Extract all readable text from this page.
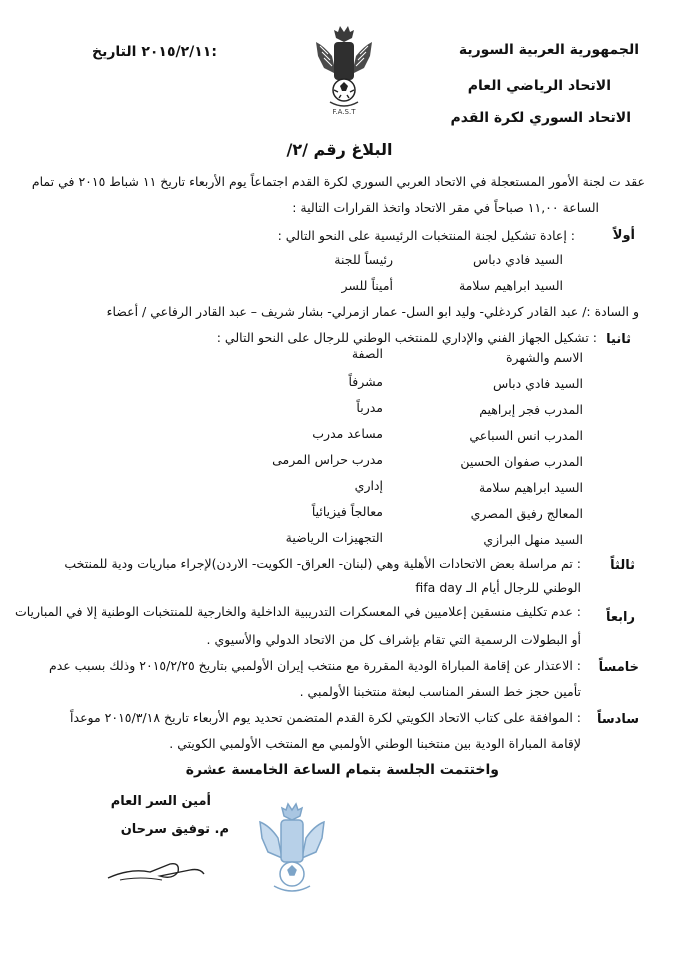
الجمهورية العربية السورية
الاتحاد الرياضي العام
الاتحاد السوري لكرة القدم
٢٠١٥/٢/١١ التاريخ:
F.A.S.T
البلاغ رقم /٢/
عقد ت لجنة الأمور المستعجلة في الاتحاد العربي السوري لكرة القدم اجتماعاً يوم الأربعاء تاريخ ١١ شباط ٢٠١٥ في تمام
الساعة ١١,٠٠ صباحاً في مقر الاتحاد واتخذ القرارات التالية :
أولاً
: إعادة تشكيل لجنة المنتخبات الرئيسية على النحو التالي :
السيد فادي دباس
رئيساً للجنة
السيد ابراهيم سلامة
أميناً للسر
و السادة :/ عبد القادر كردغلي- وليد ابو السل- عمار ازمرلي- بشار شريف – عبد القادر الرفاعي / أعضاء
ثانيا
: تشكيل الجهاز الفني والإداري للمنتخب الوطني للرجال على النحو التالي :
الاسم والشهرة
الصفة
السيد فادي دباس
مشرفاً
المدرب فجر إبراهيم
مدرباً
المدرب انس السباعي
مساعد مدرب
المدرب صفوان الحسين
مدرب حراس المرمى
السيد ابراهيم سلامة
إداري
المعالج رفيق المصري
معالجاً فيزيائياً
السيد منهل البرازي
التجهيزات الرياضية
ثالثاً
: تم مراسلة بعض الاتحادات الأهلية وهي (لبنان- العراق- الكويت- الاردن)لإجراء مباريات ودية للمنتخب
الوطني للرجال أيام الـ fifa day
رابعاً
: عدم تكليف منسقين إعلاميين في المعسكرات التدريبية الداخلية والخارجية للمنتخبات الوطنية إلا في المباريات
أو البطولات الرسمية التي تقام بإشراف كل من الاتحاد الدولي والأسيوي .
خامساً
: الاعتذار عن إقامة المباراة الودية المقررة مع منتخب إيران الأولمبي بتاريخ ٢٠١٥/٢/٢٥ وذلك بسبب عدم
تأمين حجز خط السفر المناسب لبعثة منتخبنا الأولمبي .
سادساً
: الموافقة على كتاب الاتحاد الكويتي لكرة القدم المتضمن تحديد يوم الأربعاء تاريخ ٢٠١٥/٣/١٨ موعداً
لإقامة المباراة الودية بين منتخبنا الوطني الأولمبي مع المنتخب الأولمبي الكويتي .
واختتمت الجلسة بتمام الساعة الخامسة عشرة
أمين السر العام
م. توفيق سرحان
